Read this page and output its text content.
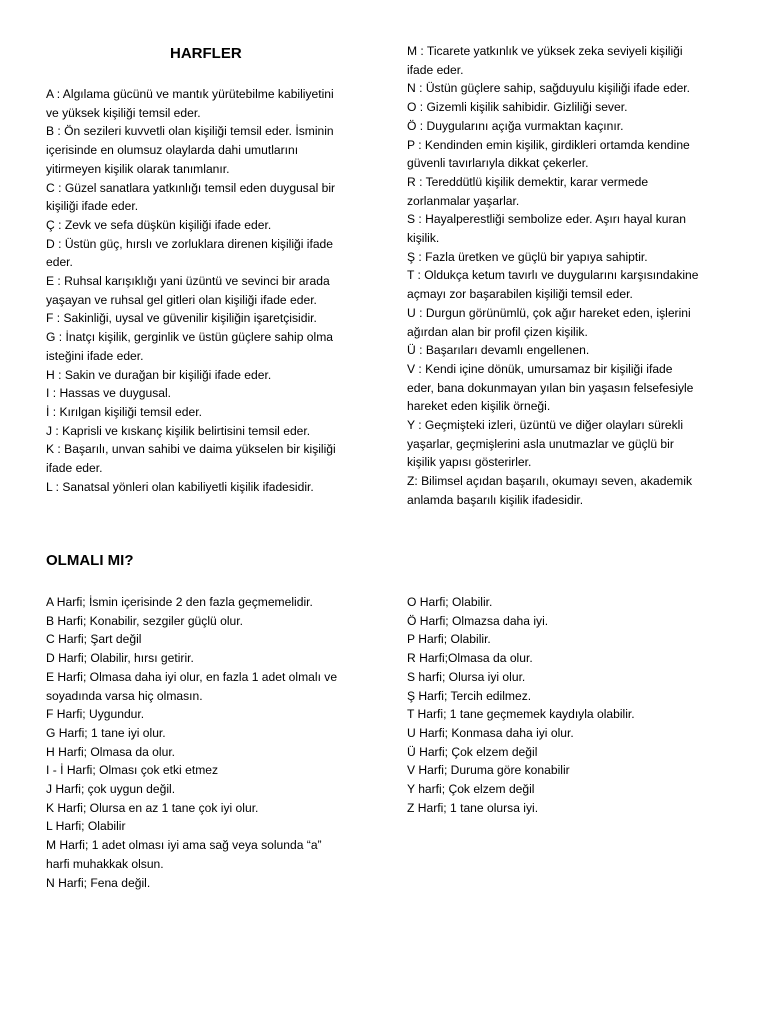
HARFLER

A : Algılama gücünü ve mantık yürütebilme kabiliyetini
ve yüksek kişiliği temsil eder.

B : Ön sezileri kuvvetli olan kişiliği temsil eder. İsminin
içerisinde en olumsuz olaylarda dahi umutlarını
yitirmeyen kişilik olarak tanımlanır.

C : Güzel sanatlara yatkınlığı temsil eden duygusal bir
kişiliği ifade eder.

Ç : Zevk ve sefa düşkün kişiliği ifade eder.

D : Üstün güç, hırslı ve zorluklara direnen kişiliği ifade
eder.

E : Ruhsal karışıklığı yani üzüntü ve sevinci bir arada
yaşayan ve ruhsal gel gitleri olan kişiliği ifade eder.

F : Sakinliği, uysal ve güvenilir kişiliğin işaretçisidir.

G : İnatçı kişilik, gerginlik ve üstün güçlere sahip olma
isteğini ifade eder.

H : Sakin ve durağan bir kişiliği ifade eder.

I : Hassas ve duygusal.

İ : Kırılgan kişiliği temsil eder.

J : Kaprisli ve kıskanç kişilik belirtisini temsil eder.

K : Başarılı, unvan sahibi ve daima yükselen bir kişiliği
ifade eder.

L : Sanatsal yönleri olan kabiliyetli kişilik ifadesidir.

M : Ticarete yatkınlık ve yüksek zeka seviyeli kişiliği
ifade eder.

N : Üstün güçlere sahip, sağduyulu kişiliği ifade eder.

O : Gizemli kişilik sahibidir. Gizliliği sever.

Ö : Duygularını açığa vurmaktan kaçınır.

P : Kendinden emin kişilik, girdikleri ortamda kendine
güvenli tavırlarıyla dikkat çekerler.

R : Tereddütlü kişilik demektir, karar vermede
zorlanmalar yaşarlar.

S : Hayalperestliği sembolize eder. Aşırı hayal kuran
kişilik.

Ş : Fazla üretken ve güçlü bir yapıya sahiptir.

T : Oldukça ketum tavırlı ve duygularını karşısındakine
açmayı zor başarabilen kişiliği temsil eder.

U : Durgun görünümlü, çok ağır hareket eden, işlerini
ağırdan alan bir profil çizen kişilik.

Ü : Başarıları devamlı engellenen.

V : Kendi içine dönük, umursamaz bir kişiliği ifade
eder, bana dokunmayan yılan bin yaşasın felsefesiyle
hareket eden kişilik örneği.

Y : Geçmişteki izleri, üzüntü ve diğer olayları sürekli
yaşarlar, geçmişlerini asla unutmazlar ve güçlü bir
kişilik yapısı gösterirler.

Z: Bilimsel açıdan başarılı, okumayı seven, akademik
anlamda başarılı kişilik ifadesidir.

OLMALI MI?

A Harfi; İsmin içerisinde 2 den fazla geçmemelidir.

B Harfi; Konabilir, sezgiler güçlü olur.

C Harfi; Şart değil

D Harfi; Olabilir, hırsı getirir.

E Harfi; Olmasa daha iyi olur, en fazla 1 adet olmalı ve
soyadında varsa hiç olmasın.

F Harfi; Uygundur.

G Harfi; 1 tane iyi olur.

H Harfi; Olmasa da olur.

I - İ Harfi; Olması çok etki etmez

J Harfi; çok uygun değil.

K Harfi; Olursa en az 1 tane çok iyi olur.

L Harfi; Olabilir

M Harfi; 1 adet olması iyi ama sağ veya solunda “a”
harfi muhakkak olsun.

N Harfi; Fena değil.

O Harfi; Olabilir.

Ö Harfi; Olmazsa daha iyi.

P Harfi; Olabilir.

R Harfi;Olmasa da olur.

S harfi; Olursa iyi olur.

Ş Harfi; Tercih edilmez.

T Harfi; 1 tane geçmemek kaydıyla olabilir.

U Harfi; Konmasa daha iyi olur.

Ü Harfi; Çok elzem değil

V Harfi; Duruma göre konabilir

Y harfi; Çok elzem değil

Z Harfi; 1 tane olursa iyi.
